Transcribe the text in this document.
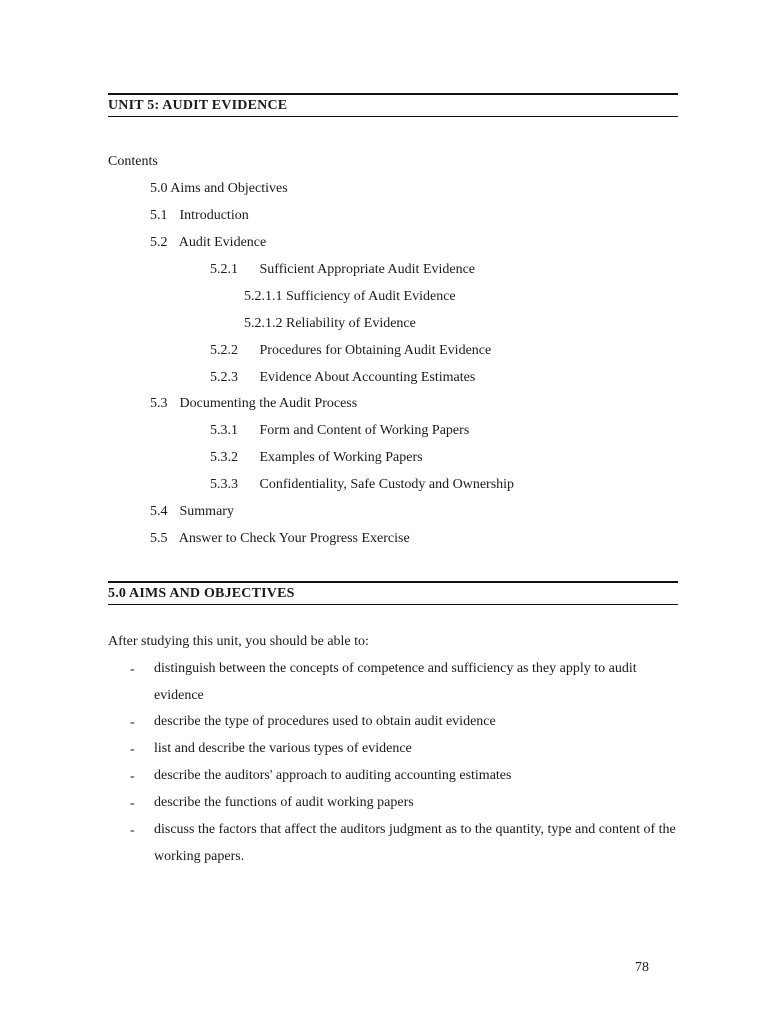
UNIT 5: AUDIT EVIDENCE
Contents
5.0 Aims and Objectives
5.1 Introduction
5.2 Audit Evidence
5.2.1 Sufficient Appropriate Audit Evidence
5.2.1.1 Sufficiency of Audit Evidence
5.2.1.2 Reliability of Evidence
5.2.2 Procedures for Obtaining Audit Evidence
5.2.3 Evidence About Accounting Estimates
5.3 Documenting the Audit Process
5.3.1 Form and Content of Working Papers
5.3.2 Examples of Working Papers
5.3.3 Confidentiality, Safe Custody and Ownership
5.4 Summary
5.5 Answer to Check Your Progress Exercise
5.0 AIMS AND OBJECTIVES
After studying this unit, you should be able to:
- distinguish between the concepts of competence and sufficiency as they apply to audit evidence
- describe the type of procedures used to obtain audit evidence
- list and describe the various types of evidence
- describe the auditors' approach to auditing accounting estimates
- describe the functions of audit working papers
- discuss the factors that affect the auditors judgment as to the quantity, type and content of the working papers.
78
